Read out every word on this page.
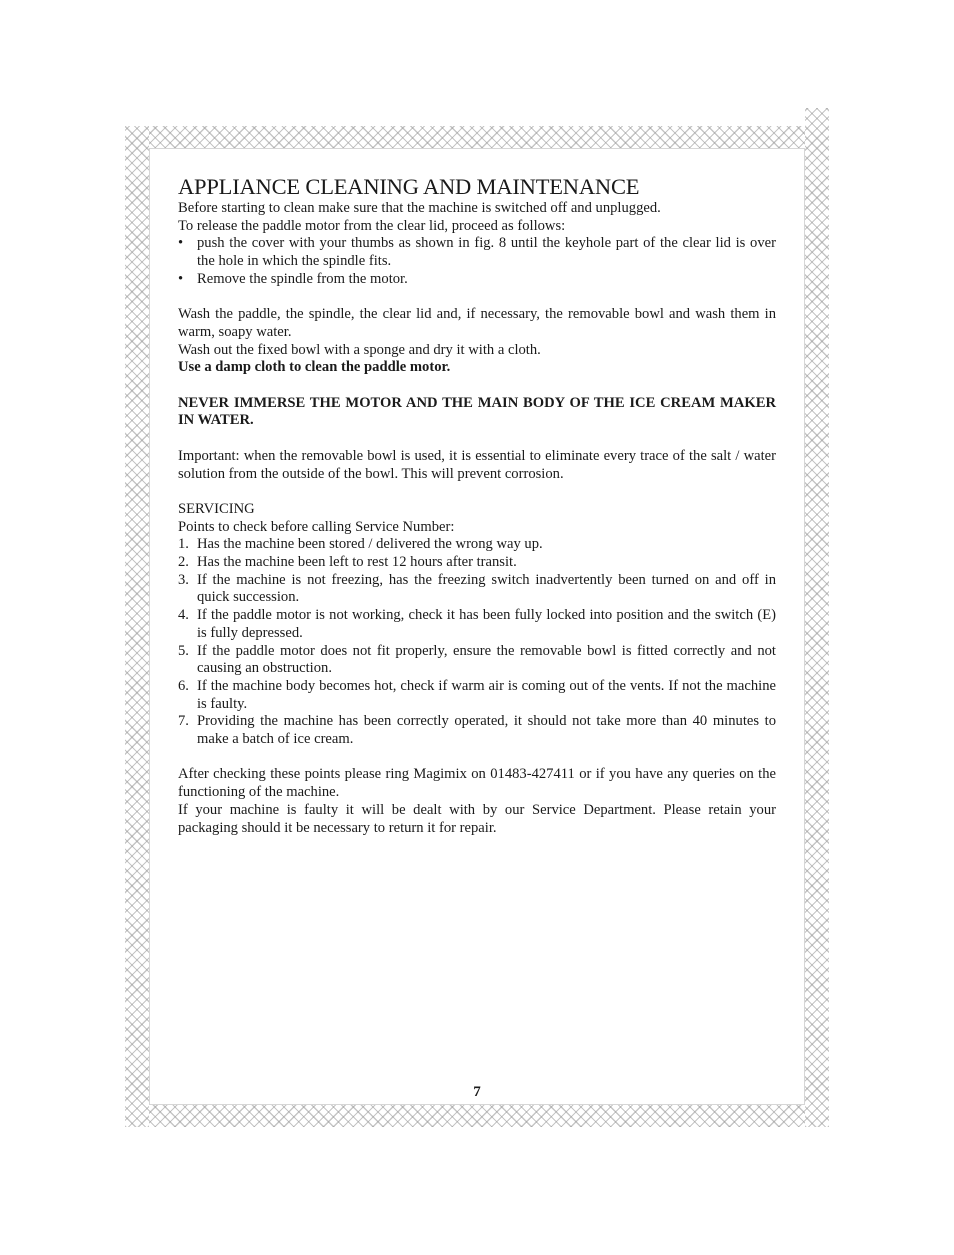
APPLIANCE CLEANING AND MAINTENANCE

Before starting to clean make sure that the machine is switched off and unplugged.

To release the paddle motor from the clear lid, proceed as follows:

• push the cover with your thumbs as shown in fig. 8 until the keyhole part of the clear lid is over the hole in which the spindle fits.
• Remove the spindle from the motor.

Wash the paddle, the spindle, the clear lid and, if necessary, the removable bowl and wash them in warm, soapy water.

Wash out the fixed bowl with a sponge and dry it with a cloth.

Use a damp cloth to clean the paddle motor.

NEVER IMMERSE THE MOTOR AND THE MAIN BODY OF THE ICE CREAM MAKER IN WATER.

Important: when the removable bowl is used, it is essential to eliminate every trace of the salt / water solution from the outside of the bowl. This will prevent corrosion.

SERVICING

Points to check before calling Service Number:

1. Has the machine been stored / delivered the wrong way up.
2. Has the machine been left to rest 12 hours after transit.
3. If the machine is not freezing, has the freezing switch inadvertently been turned on and off in quick succession.
4. If the paddle motor is not working, check it has been fully locked into position and the switch (E) is fully depressed.
5. If the paddle motor does not fit properly, ensure the removable bowl is fitted correctly and not causing an obstruction.
6. If the machine body becomes hot, check if warm air is coming out of the vents. If not the machine is faulty.
7. Providing the machine has been correctly operated, it should not take more than 40 minutes to make a batch of ice cream.

After checking these points please ring Magimix on 01483-427411 or if you have any queries on the functioning of the machine.

If your machine is faulty it will be dealt with by our Service Department. Please retain your packaging should it be necessary to return it for repair.

7
